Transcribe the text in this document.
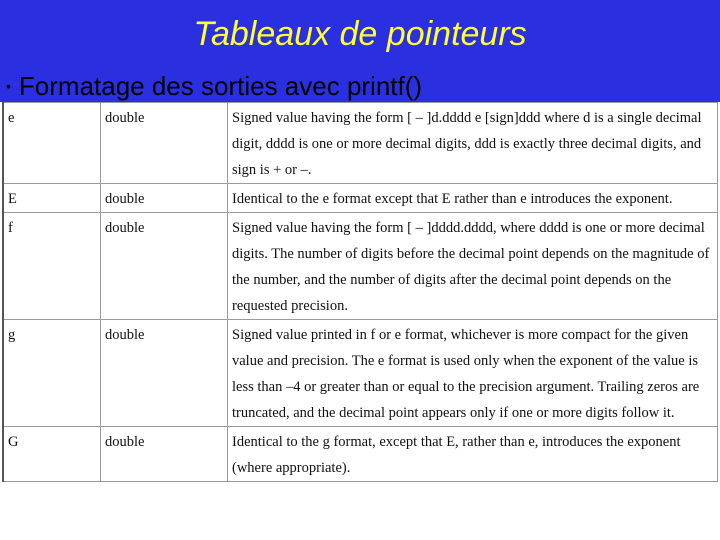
Tableaux de pointeurs
• Formatage des sorties avec printf()
e	double	Signed value having the form [ – ]d.dddd e [sign]ddd where d is a single decimal digit, dddd is one or more decimal digits, ddd is exactly three decimal digits, and sign is + or –.
E	double	Identical to the e format except that E rather than e introduces the exponent.
f	double	Signed value having the form [ – ]dddd.dddd, where dddd is one or more decimal digits. The number of digits before the decimal point depends on the magnitude of the number, and the number of digits after the decimal point depends on the requested precision.
g	double	Signed value printed in f or e format, whichever is more compact for the given value and precision. The e format is used only when the exponent of the value is less than –4 or greater than or equal to the precision argument. Trailing zeros are truncated, and the decimal point appears only if one or more digits follow it.
G	double	Identical to the g format, except that E, rather than e, introduces the exponent (where appropriate).
